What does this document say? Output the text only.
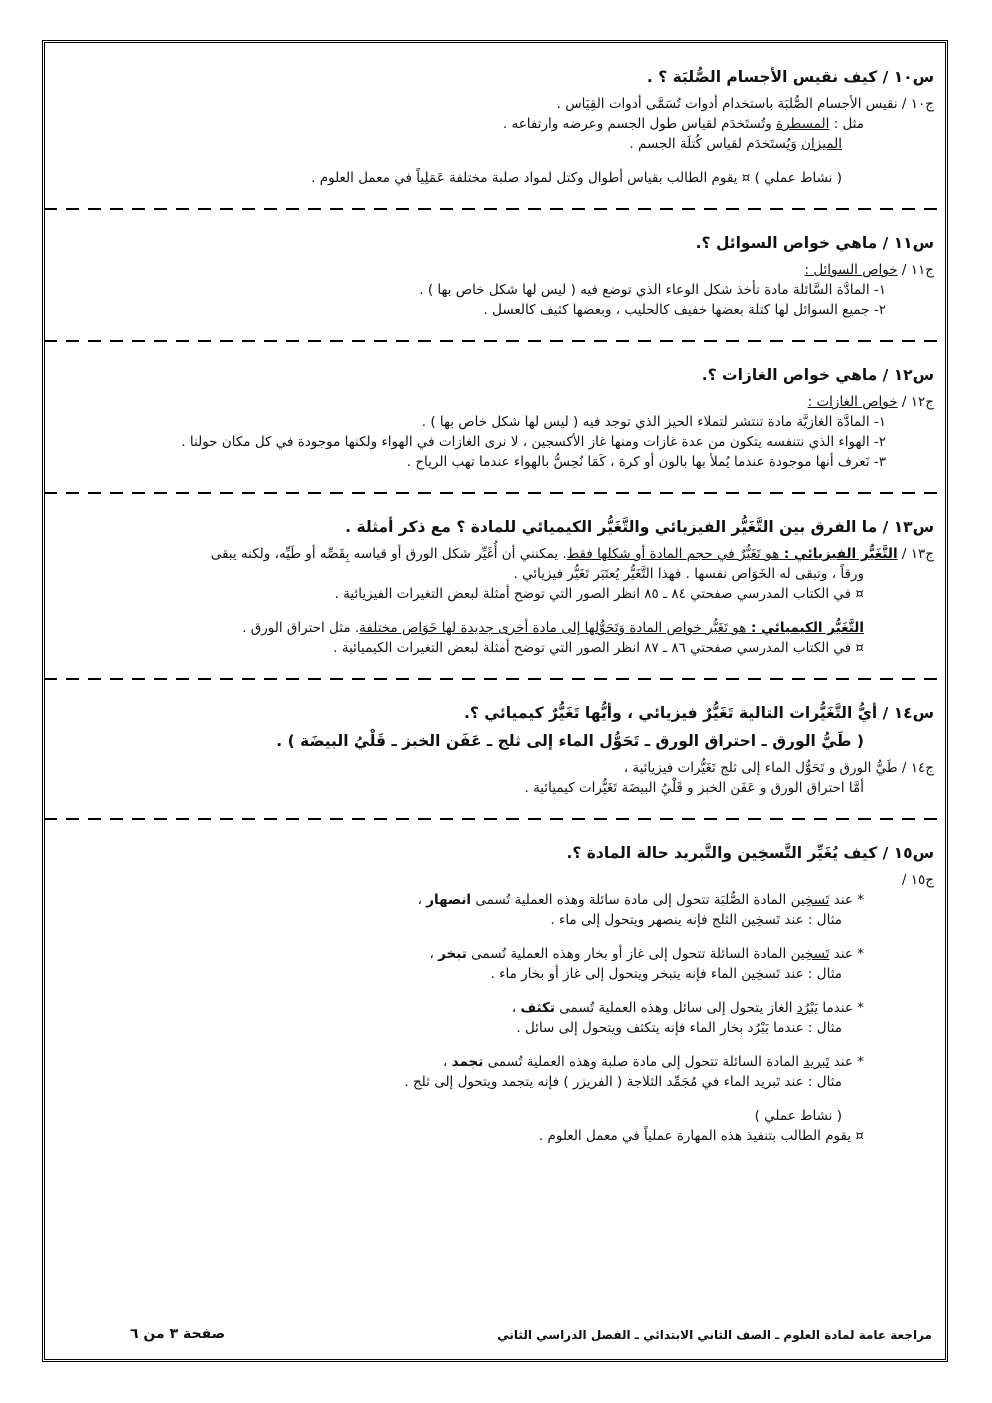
س١٠ / كيف نقيس الأجسام الصُّلبَة ؟ .

ج١٠ / نقيس الأجسام الصُّلبَة باستخدام أدوات تُسَمَّى أدوات القِيَاس .

مثل : المسطرة وتُستَخدَم لقياس طول الجسم وعرضه وارتفاعه .

الميزان وَيُستَخدَم لقياس كُتلَة الجسم .

( نشاط عملي ) ¤ يقوم الطالب بقياس أطوال وكتل لمواد صلبة مختلفة عَمَلِياً في معمل العلوم .

س١١ / ماهي خواص السوائل ؟.

ج١١ / خواص السوائل :

١- المادَّة السَّائلة مادة تأخذ شكل الوعاء الذي توضع فيه ( ليس لها شكل خاص بها ) .

٢- جميع السوائل لها كتلة بعضها خفيف كالحليب ، وبعضها كثيف كالعسل .

س١٢ / ماهي خواص الغازات ؟.

ج١٢ / خواص الغازات :

١- المادَّة الغازيَّة مادة تنتشر لتملاء الحيز الذي توجد فيه ( ليس لها شكل خاص بها ) .

٢- الهواء الذي نتنفسه يتكون من عدة غازات ومنها غاز الأكسجين ، لا نرى الغازات في الهواء ولكنها موجودة في كل مكان حولنا .

٣- نَعرف أنها موجودة عندما يُملأ بها بالون أو كرة ، كَمَا نُحِسُّ بالهواء عندما تهب الرياح .

س١٣ / ما الفرق بين التَّغَيُّر الفيزيائي والتَّغَيُّر الكيميائي للمادة ؟ مع ذكر أمثلة .

ج١٣ / التَّغَيُّر الفيزيائي : هو تَغَيُّرٌ في حجم المادة أو شكلها فقط. يمكنني أن أُغَيِّر شكل الورق أو قياسه بِقَصِّه أو طَيِّه، ولكنه يبقى

ورقاً ، وتبقى له الخَوَاص نفسها . فهذا التَّغَيُّر يُعتَبَر تَغَيُّر فيزيائي .

¤ في الكتاب المدرسي صفحتي ٨٤ ـ ٨٥ انظر الصور التي توضح أمثلة لبعض التغيرات الفيزيائية .

التَّغَيُّر الكيميائي : هو تَغَيُّر خواص المادة وَتَحَوُّلها إلى مادة أخرى جديدة لها خَوَاص مختلفة. مثل احتراق الورق .

¤ في الكتاب المدرسي صفحتي ٨٦ ـ ٨٧ انظر الصور التي توضح أمثلة لبعض التغيرات الكيميائية .

س١٤ / أيُّ التَّغَيُّرات التالية تَغَيُّرٌ فيزيائي ، وأيُّها تَغَيُّرٌ كيميائي ؟.

( طَيُّ الورق ـ احتراق الورق ـ تَحَوُّل الماء إلى ثلج ـ عَفَن الخبز ـ قَلْيُ البيضَة ) .

ج١٤ / طَيُّ الورق و تَحَوُّل الماء إلى ثلج تَغَيُّرات فيزيائية ،

أمَّا احتراق الورق و عَفَن الخبز و قَلْيُ البيضَة تَغَيُّرات كيميائية .

س١٥ / كيف يُغَيِّر التَّسخِين والتَّبريد حالة المادة ؟.

ج١٥ /

* عند تَسخِين المادة الصُّلبَة تتحول إلى مادة سائلة وهذه العملية تُسمى انصهار ،

مثال : عند تَسخِين الثلج فإنه ينصهر ويتحول إلى ماء .

* عند تَسخِين المادة السائلة تتحول إلى غاز أو بخار وهذه العملية تُسمى تبخر ،

مثال : عند تَسخِين الماء فإنه يتبخر ويتحول إلى غاز أو بخار ماء .

* عندما يَبْرُد الغاز يتحول إلى سائل وهذه العملية تُسمى تكثف ،

مثال : عندما يَبْرُد بخار الماء فإنه يتكثف ويتحول إلى سائل .

* عند تَبريد المادة السائلة تتحول إلى مادة صلبة وهذه العملية تُسمى تجمد ،

مثال : عند تَبريد الماء في مُجَمِّد الثلاجة ( الفريزر ) فإنه يتجمد ويتحول إلى ثلج .

( نشاط عملي )

¤ يقوم الطالب بتنفيذ هذه المهارة عملياً في معمل العلوم .

مراجعة عامة لمادة العلوم ـ الصف الثاني الابتدائي ـ الفصل الدراسي الثاني
صفحة ٣ من ٦
